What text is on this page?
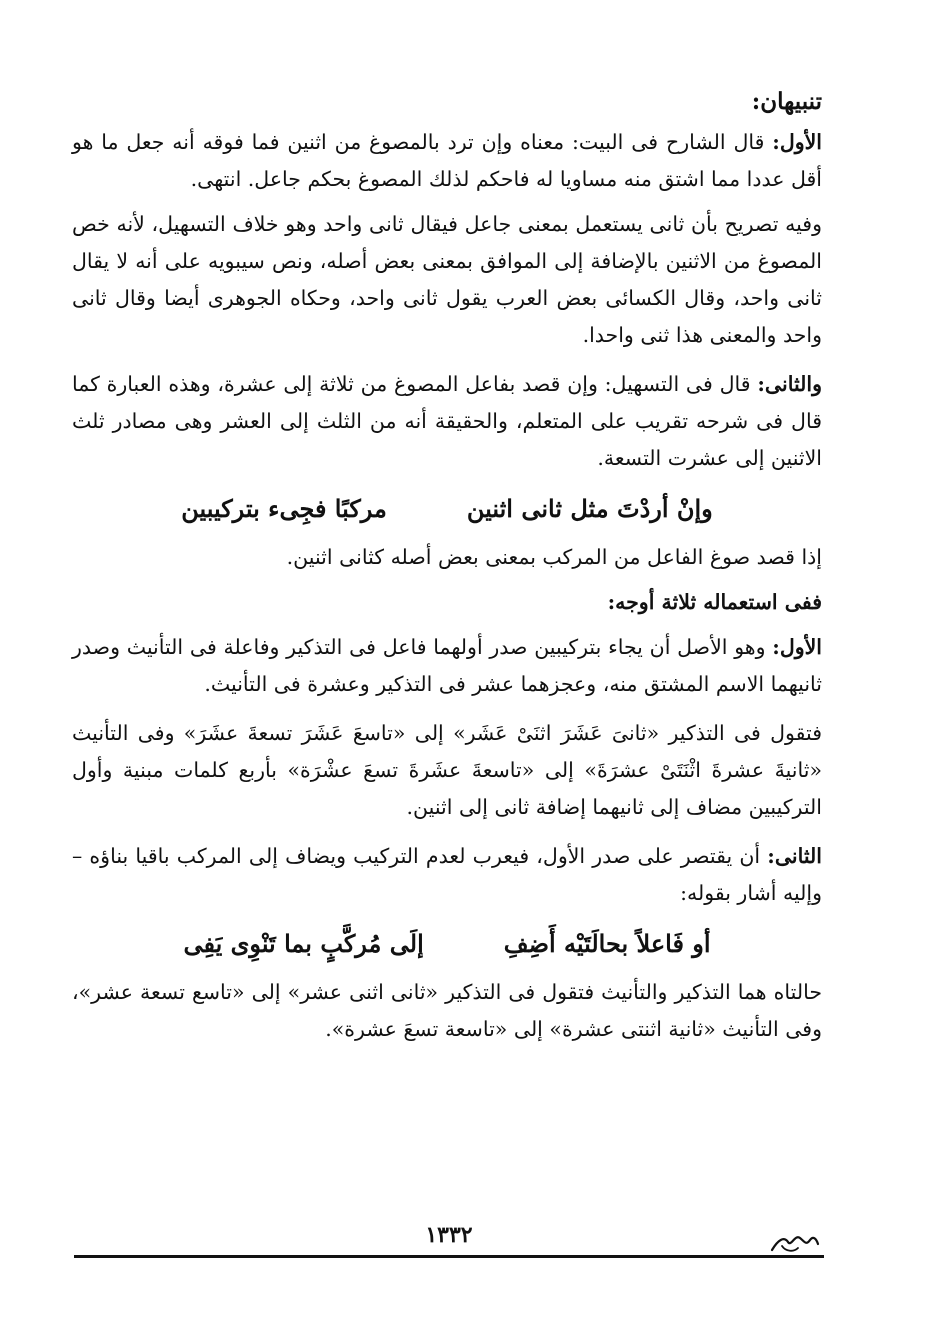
تنبيهان:

الأول: قال الشارح فى البيت: معناه وإن ترد بالمصوغ من اثنين فما فوقه أنه جعل ما هو أقل عددا مما اشتق منه مساويا له فاحكم لذلك المصوغ بحكم جاعل. انتهى.

وفيه تصريح بأن ثانى يستعمل بمعنى جاعل فيقال ثانى واحد وهو خلاف التسهيل، لأنه خص المصوغ من الاثنين بالإضافة إلى الموافق بمعنى بعض أصله، ونص سيبويه على أنه لا يقال ثانى واحد، وقال الكسائى بعض العرب يقول ثانى واحد، وحكاه الجوهرى أيضا وقال ثانى واحد والمعنى هذا ثنى واحدا.

والثانى: قال فى التسهيل: وإن قصد بفاعل المصوغ من ثلاثة إلى عشرة، وهذه العبارة كما قال فى شرحه تقريب على المتعلم، والحقيقة أنه من الثلث إلى العشر وهى مصادر ثلث الاثنين إلى عشرت التسعة.

وإنْ أردْتَ مثل ثانى اثنين
مركبًا فجِىء بتركيبين

إذا قصد صوغ الفاعل من المركب بمعنى بعض أصله كثانى اثنين.

ففى استعماله ثلاثة أوجه:

الأول: وهو الأصل أن يجاء بتركيبين صدر أولهما فاعل فى التذكير وفاعلة فى التأنيث وصدر ثانيهما الاسم المشتق منه، وعجزهما عشر فى التذكير وعشرة فى التأنيث.

فتقول فى التذكير «ثانىَ عَشَرَ اثنَىْ عَشَر» إلى «تاسعَ عَشَرَ تسعةَ عشَرَ» وفى التأنيث «ثانيةَ عشرةَ اثْنَتَىْ عشرَةَ» إلى «تاسعةَ عشَرةَ تسعَ عشْرَة» بأربع كلمات مبنية وأول التركيبين مضاف إلى ثانيهما إضافة ثانى إلى اثنين.

الثانى: أن يقتصر على صدر الأول، فيعرب لعدم التركيب ويضاف إلى المركب باقيا بناؤه – وإليه أشار بقوله:

أو فَاعلاً بحالَتَيْه أَضِفِ
إلَى مُركَّبٍ بما تَنْوِى يَفِى

حالتاه هما التذكير والتأنيث فتقول فى التذكير «ثانى اثنى عشر» إلى «تاسع تسعة عشر»، وفى التأنيث «ثانية اثنتى عشرة» إلى «تاسعة تسعَ عشرة».

١٣٣٢
